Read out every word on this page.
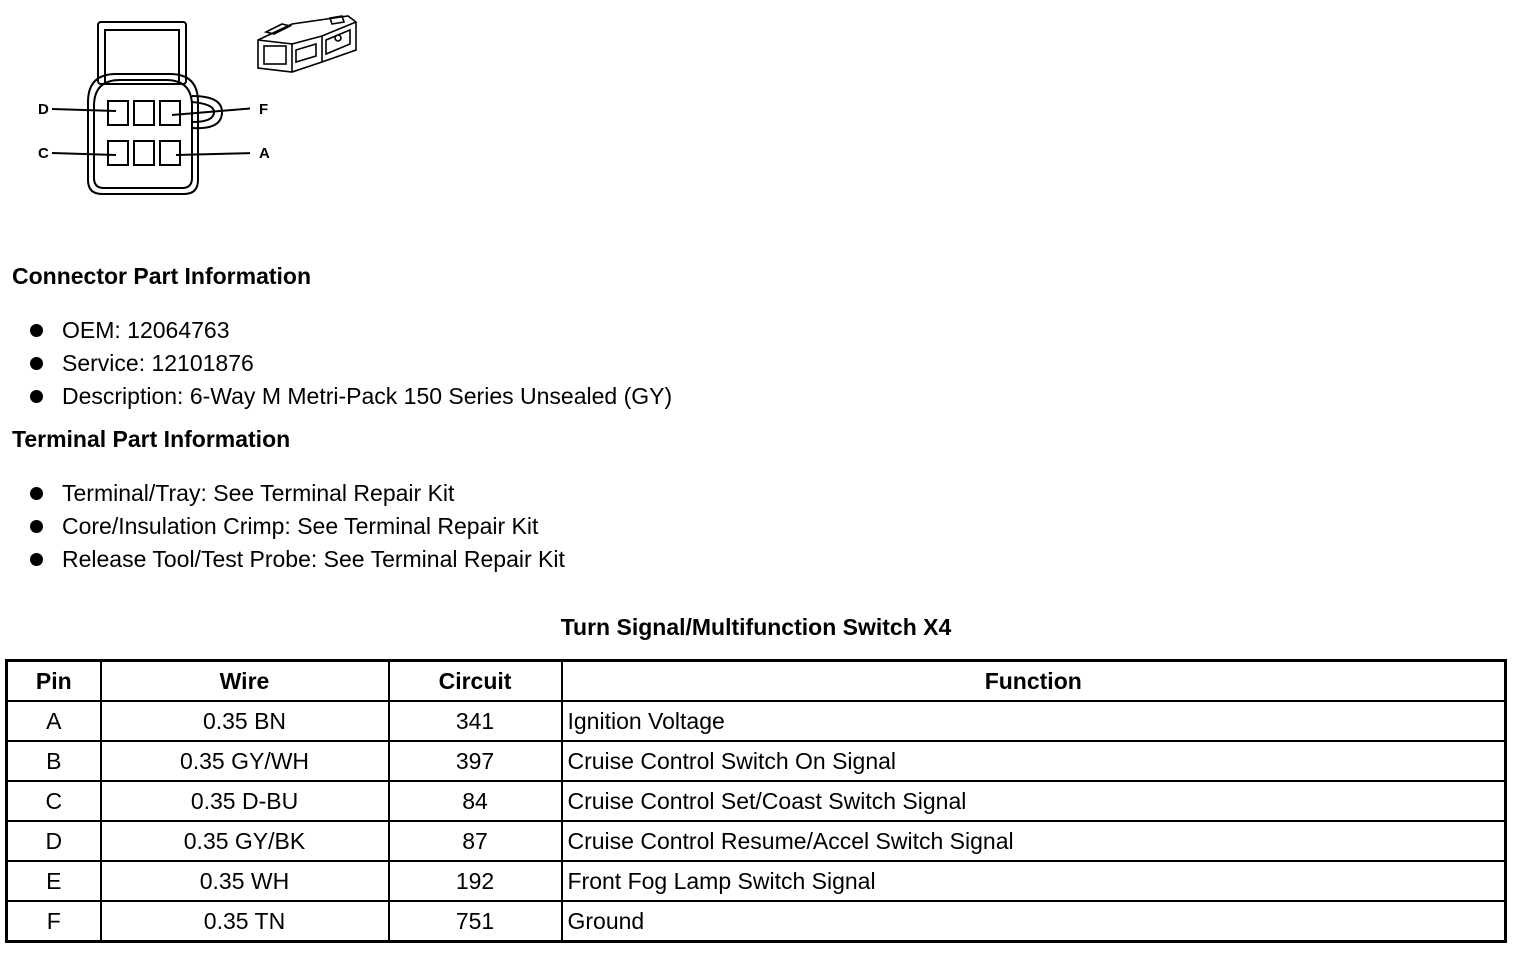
D
C
F
A
Connector Part Information
OEM: 12064763
Service: 12101876
Description: 6-Way M Metri-Pack 150 Series Unsealed (GY)
Terminal Part Information
Terminal/Tray: See Terminal Repair Kit
Core/Insulation Crimp: See Terminal Repair Kit
Release Tool/Test Probe: See Terminal Repair Kit
Turn Signal/Multifunction Switch X4
Pin	Wire	Circuit	Function
A	0.35 BN	341	Ignition Voltage
B	0.35 GY/WH	397	Cruise Control Switch On Signal
C	0.35 D-BU	84	Cruise Control Set/Coast Switch Signal
D	0.35 GY/BK	87	Cruise Control Resume/Accel Switch Signal
E	0.35 WH	192	Front Fog Lamp Switch Signal
F	0.35 TN	751	Ground
